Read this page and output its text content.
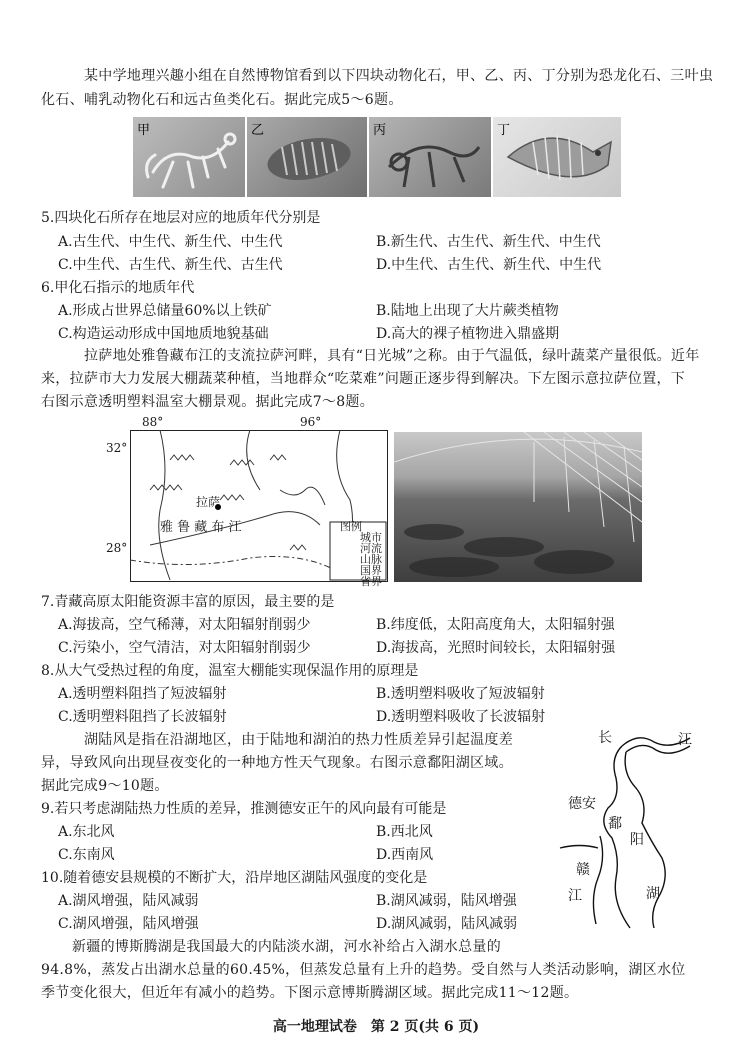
某中学地理兴趣小组在自然博物馆看到以下四块动物化石，甲、乙、丙、丁分别为恐龙化石、三叶虫
化石、哺乳动物化石和远古鱼类化石。据此完成5～6题。
甲	乙	丙	丁
5.四块化石所存在地层对应的地质年代分别是
A.古生代、中生代、新生代、中生代	B.新生代、古生代、新生代、中生代
C.中生代、古生代、新生代、古生代	D.中生代、古生代、新生代、中生代
6.甲化石指示的地质年代
A.形成占世界总储量60%以上铁矿	B.陆地上出现了大片蕨类植物
C.构造运动形成中国地质地貌基础	D.高大的裸子植物进入鼎盛期
拉萨地处雅鲁藏布江的支流拉萨河畔，具有“日光城”之称。由于气温低，绿叶蔬菜产量很低。近年
来，拉萨市大力发展大棚蔬菜种植，当地群众“吃菜难”问题正逐步得到解决。下左图示意拉萨位置，下
右图示意透明塑料温室大棚景观。据此完成7～8题。
88°	96°
32°
28°
拉萨
雅 鲁 藏 布 江	图例
城市
河流
山脉
国界
省界
7.青藏高原太阳能资源丰富的原因，最主要的是
A.海拔高，空气稀薄，对太阳辐射削弱少	B.纬度低，太阳高度角大，太阳辐射强
C.污染小，空气清洁，对太阳辐射削弱少	D.海拔高，光照时间较长，太阳辐射强
8.从大气受热过程的角度，温室大棚能实现保温作用的原理是
A.透明塑料阻挡了短波辐射	B.透明塑料吸收了短波辐射
C.透明塑料阻挡了长波辐射	D.透明塑料吸收了长波辐射
湖陆风是指在沿湖地区，由于陆地和湖泊的热力性质差异引起温度差
异，导致风向出现昼夜变化的一种地方性天气现象。右图示意鄱阳湖区域。
据此完成9～10题。
长	江
德安
鄱
阳
赣
湖
江
9.若只考虑湖陆热力性质的差异，推测德安正午的风向最有可能是
A.东北风	B.西北风
C.东南风	D.西南风
10.随着德安县规模的不断扩大，沿岸地区湖陆风强度的变化是
A.湖风增强，陆风减弱	B.湖风减弱，陆风增强
C.湖风增强，陆风增强	D.湖风减弱，陆风减弱
新疆的博斯腾湖是我国最大的内陆淡水湖，河水补给占入湖水总量的
94.8%，蒸发占出湖水总量的60.45%，但蒸发总量有上升的趋势。受自然与人类活动影响，湖区水位
季节变化很大，但近年有减小的趋势。下图示意博斯腾湖区域。据此完成11～12题。
高一地理试卷　第 2 页(共 6 页)
